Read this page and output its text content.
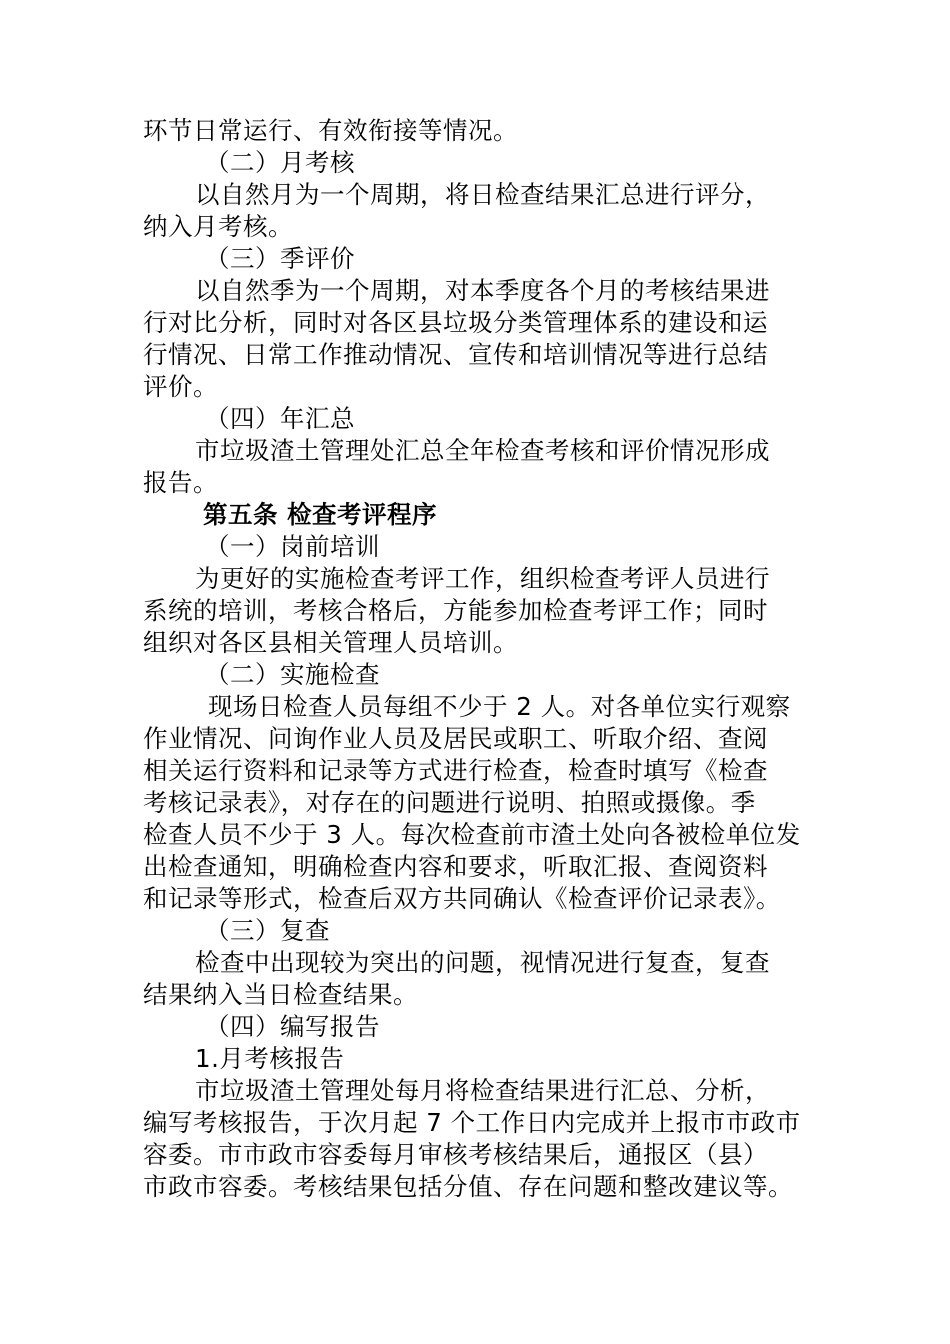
环节日常运行、有效衔接等情况。
（二）月考核
以自然月为一个周期，将日检查结果汇总进行评分，
纳入月考核。
（三）季评价
以自然季为一个周期，对本季度各个月的考核结果进
行对比分析，同时对各区县垃圾分类管理体系的建设和运
行情况、日常工作推动情况、宣传和培训情况等进行总结
评价。
（四）年汇总
市垃圾渣土管理处汇总全年检查考核和评价情况形成
报告。
第五条 检查考评程序
（一）岗前培训
为更好的实施检查考评工作，组织检查考评人员进行
系统的培训，考核合格后，方能参加检查考评工作；同时
组织对各区县相关管理人员培训。
（二）实施检查
现场日检查人员每组不少于 2 人。对各单位实行观察
作业情况、问询作业人员及居民或职工、听取介绍、查阅
相关运行资料和记录等方式进行检查，检查时填写《检查
考核记录表》，对存在的问题进行说明、拍照或摄像。季
检查人员不少于 3 人。每次检查前市渣土处向各被检单位发
出检查通知，明确检查内容和要求，听取汇报、查阅资料
和记录等形式，检查后双方共同确认《检查评价记录表》。
（三）复查
检查中出现较为突出的问题，视情况进行复查，复查
结果纳入当日检查结果。
（四）编写报告
1.月考核报告
市垃圾渣土管理处每月将检查结果进行汇总、分析，
编写考核报告，于次月起 7 个工作日内完成并上报市市政市
容委。市市政市容委每月审核考核结果后，通报区（县）
市政市容委。考核结果包括分值、存在问题和整改建议等。
